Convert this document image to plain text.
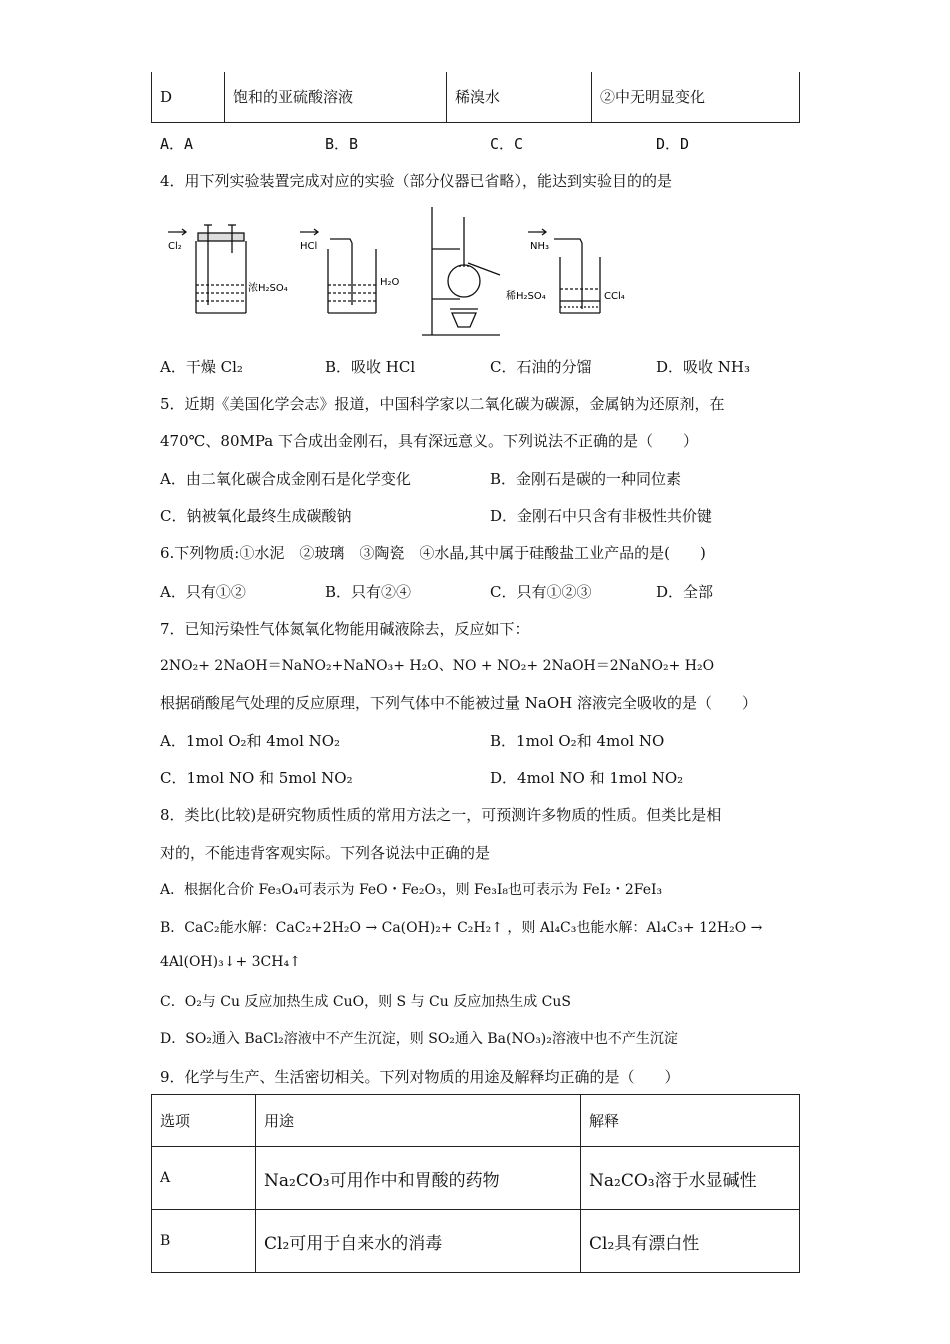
D	饱和的亚硫酸溶液	稀溴水	②中无明显变化
A．A	B．B	C．C	D．D
4．用下列实验装置完成对应的实验（部分仪器已省略），能达到实验目的的是
Cl₂
浓H₂SO₄
HCl
H₂O
NH₃
稀H₂SO₄	CCl₄
A．干燥 Cl₂	B．吸收 HCl	C．石油的分馏	D．吸收 NH₃
5．近期《美国化学会志》报道，中国科学家以二氧化碳为碳源，金属钠为还原剂，在
470℃、80MPa 下合成出金刚石，具有深远意义。下列说法不正确的是（　　）
A．由二氧化碳合成金刚石是化学变化	B．金刚石是碳的一种同位素
C．钠被氧化最终生成碳酸钠	D．金刚石中只含有非极性共价键
6.下列物质:①水泥　②玻璃　③陶瓷　④水晶,其中属于硅酸盐工业产品的是(　　)
A．只有①②	B．只有②④	C．只有①②③	D．全部
7．已知污染性气体氮氧化物能用碱液除去，反应如下：
2NO₂+ 2NaOH＝NaNO₂+NaNO₃+ H₂O、NO + NO₂+ 2NaOH＝2NaNO₂+ H₂O
根据硝酸尾气处理的反应原理，下列气体中不能被过量 NaOH 溶液完全吸收的是（　　）
A．1mol O₂和 4mol NO₂	B．1mol O₂和 4mol NO
C．1mol NO 和 5mol NO₂	D．4mol NO 和 1mol NO₂
8．类比(比较)是研究物质性质的常用方法之一，可预测许多物质的性质。但类比是相
对的，不能违背客观实际。下列各说法中正确的是
A．根据化合价 Fe₃O₄可表示为 FeO・Fe₂O₃，则 Fe₃I₈也可表示为 FeI₂・2FeI₃
B．CaC₂能水解：CaC₂+2H₂O → Ca(OH)₂+ C₂H₂↑ ，则 Al₄C₃也能水解：Al₄C₃+ 12H₂O →
4Al(OH)₃↓+ 3CH₄↑
C．O₂与 Cu 反应加热生成 CuO，则 S 与 Cu 反应加热生成 CuS
D．SO₂通入 BaCl₂溶液中不产生沉淀，则 SO₂通入 Ba(NO₃)₂溶液中也不产生沉淀
9．化学与生产、生活密切相关。下列对物质的用途及解释均正确的是（　　）
选项	用途	解释
A	Na₂CO₃可用作中和胃酸的药物	Na₂CO₃溶于水显碱性
B	Cl₂可用于自来水的消毒	Cl₂具有漂白性
